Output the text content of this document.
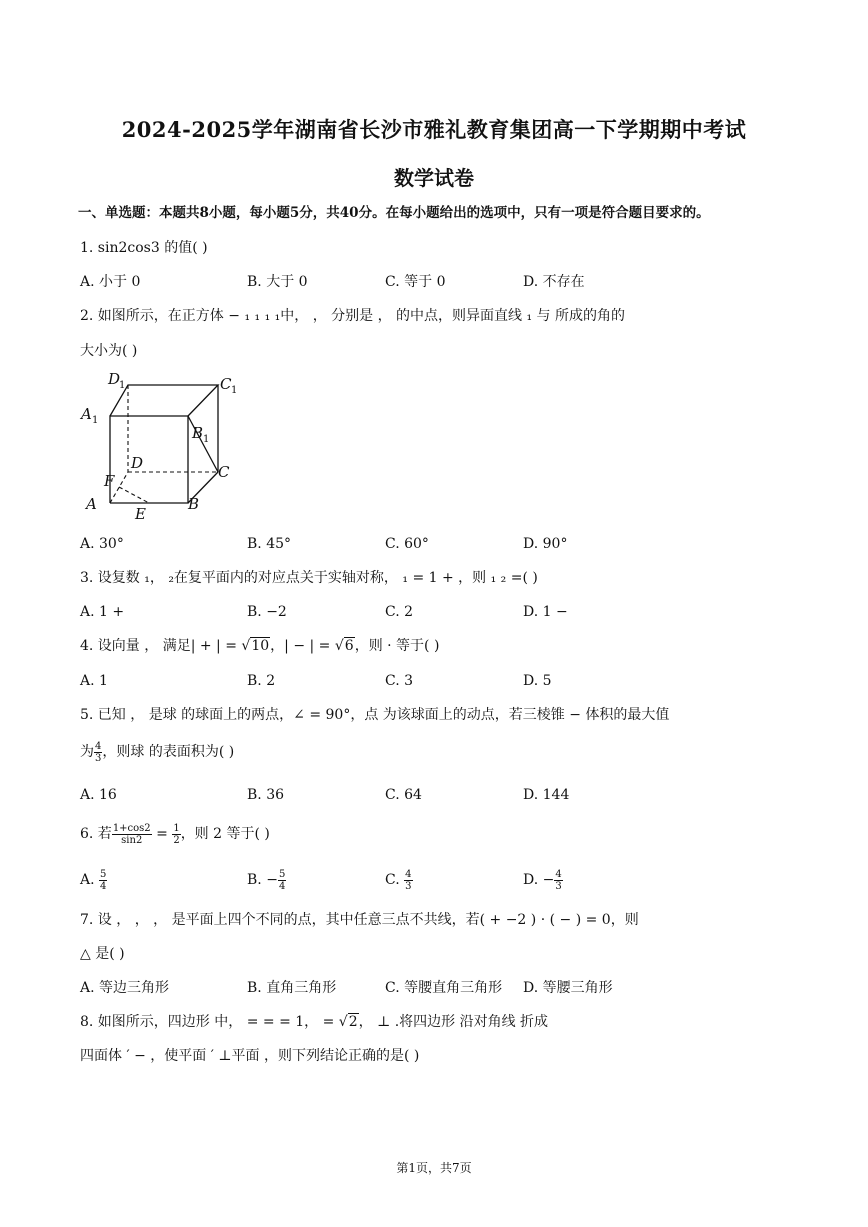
2024-2025学年湖南省长沙市雅礼教育集团高一下学期期中考试
数学试卷
一、单选题：本题共8小题，每小题5分，共40分。在每小题给出的选项中，只有一项是符合题目要求的。
1. sin2cos3 的值( )
A. 小于 0	B. 大于 0	C. 等于 0	D. 不存在
2. 如图所示，在正方体 − ₁ ₁ ₁ ₁中， ， 分别是 ， 的中点，则异面直线 ₁ 与 所成的角的
大小为( )
D
1	C 1
A 1
B 1
D	C
F
A
E
B
A. 30°	B. 45°	C. 60°	D. 90°
3. 设复数 ₁， ₂在复平面内的对应点关于实轴对称， ₁ = 1 + ，则 ₁ ₂ =( )
A. 1 +	B. −2	C. 2	D. 1 −
4. 设向量 ， 满足| + | = √10，| − | = √6，则 · 等于( )
A. 1	B. 2	C. 3	D. 5
5. 已知 ， 是球 的球面上的两点，∠ = 90°，点 为该球面上的动点，若三棱锥 − 体积的最大值
为 $\frac{4}{3}$ ，则球 的表面积为( )
A. 16	B. 36	C. 64	D. 144
6. 若 $\frac{1+\cos 2}{\sin 2} = \frac{1}{2}$ ，则 2 等于( )
A. $\frac{5}{4}$	B. − $\frac{5}{4}$	C. $\frac{4}{3}$	D. − $\frac{4}{3}$
7. 设 ， ， ， 是平面上四个不同的点，其中任意三点不共线，若( + −2 ) · ( − ) = 0，则
△ 是( )
A. 等边三角形	B. 直角三角形	C. 等腰直角三角形 D. 等腰三角形
8. 如图所示，四边形 中， = = = 1， = √2， ⊥ .将四边形 沿对角线 折成
四面体 ′ − ，使平面 ′ ⊥平面 ，则下列结论正确的是( )
第1页，共7页
